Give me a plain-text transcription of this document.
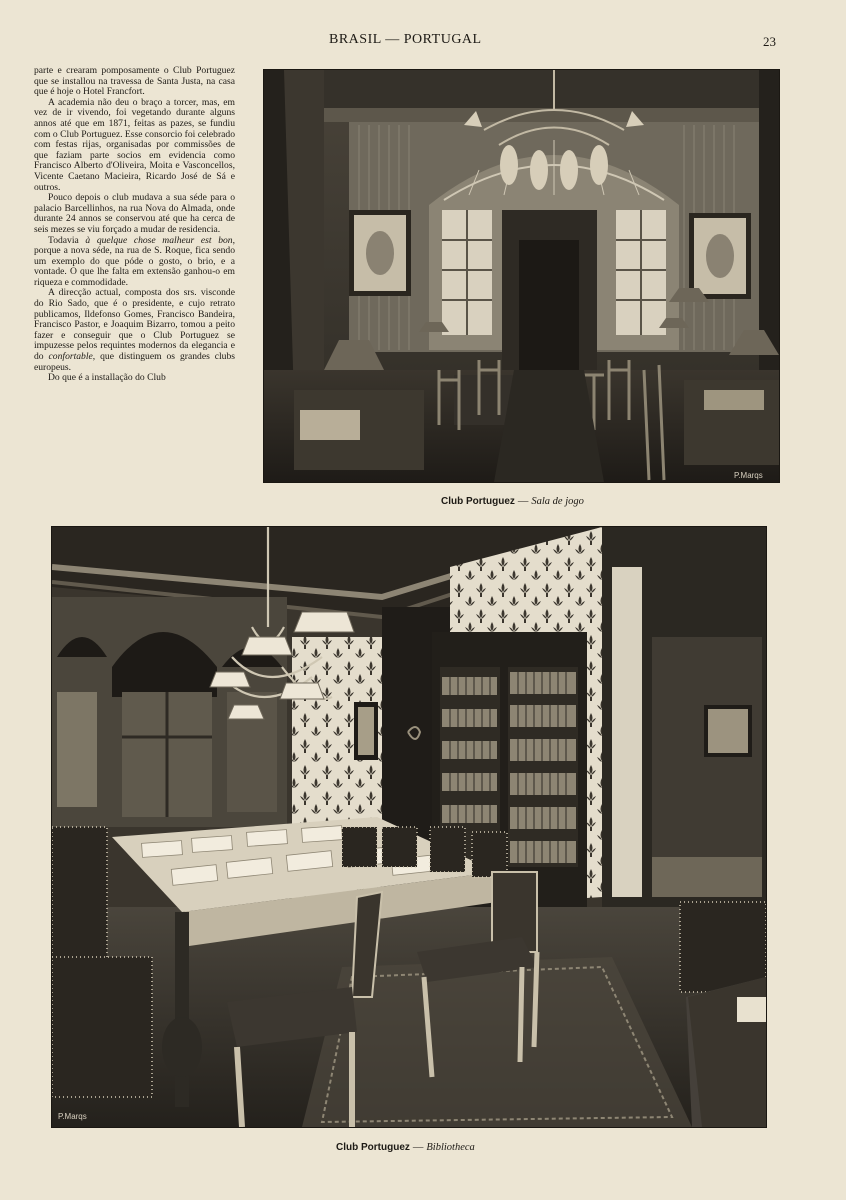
BRASIL — PORTUGAL	23

parte e crearam pomposamente o Club Portuguez que se installou na travessa de Santa Justa, na casa que é hoje o Hotel Francfort.

A academia não deu o braço a torcer, mas, em vez de ir vivendo, foi vegetando durante alguns annos até que em 1871, feitas as pazes, se fundiu com o Club Portuguez. Esse consorcio foi celebrado com festas rijas, organisadas por commissões de que faziam parte socios em evidencia como Francisco Alberto d'Oliveira, Moita e Vasconcellos, Vicente Caetano Macieira, Ricardo José de Sá e outros.

Pouco depois o club mudava a sua séde para o palacio Barcellinhos, na rua Nova do Almada, onde durante 24 annos se conservou até que ha cerca de seis mezes se viu forçado a mudar de residencia.

Todavia à quelque chose malheur est bon, porque a nova séde, na rua de S. Roque, fica sendo um exemplo do que póde o gosto, o brio, e a vontade. O que lhe falta em extensão ganhou-o em riqueza e commodidade.

A direcção actual, composta dos srs. visconde do Rio Sado, que é o presidente, e cujo retrato publicamos, Ildefonso Gomes, Francisco Bandeira, Francisco Pastor, e Joaquim Bizarro, tomou a peito fazer e conseguir que o Club Portuguez se impuzesse pelos requintes modernos da elegancia e do confortable, que distinguem os grandes clubs europeus.

Do que é a installação do Club

P.Marqs
Club Portuguez — Sala de jogo
P.Marqs
Club Portuguez — Bibliotheca
